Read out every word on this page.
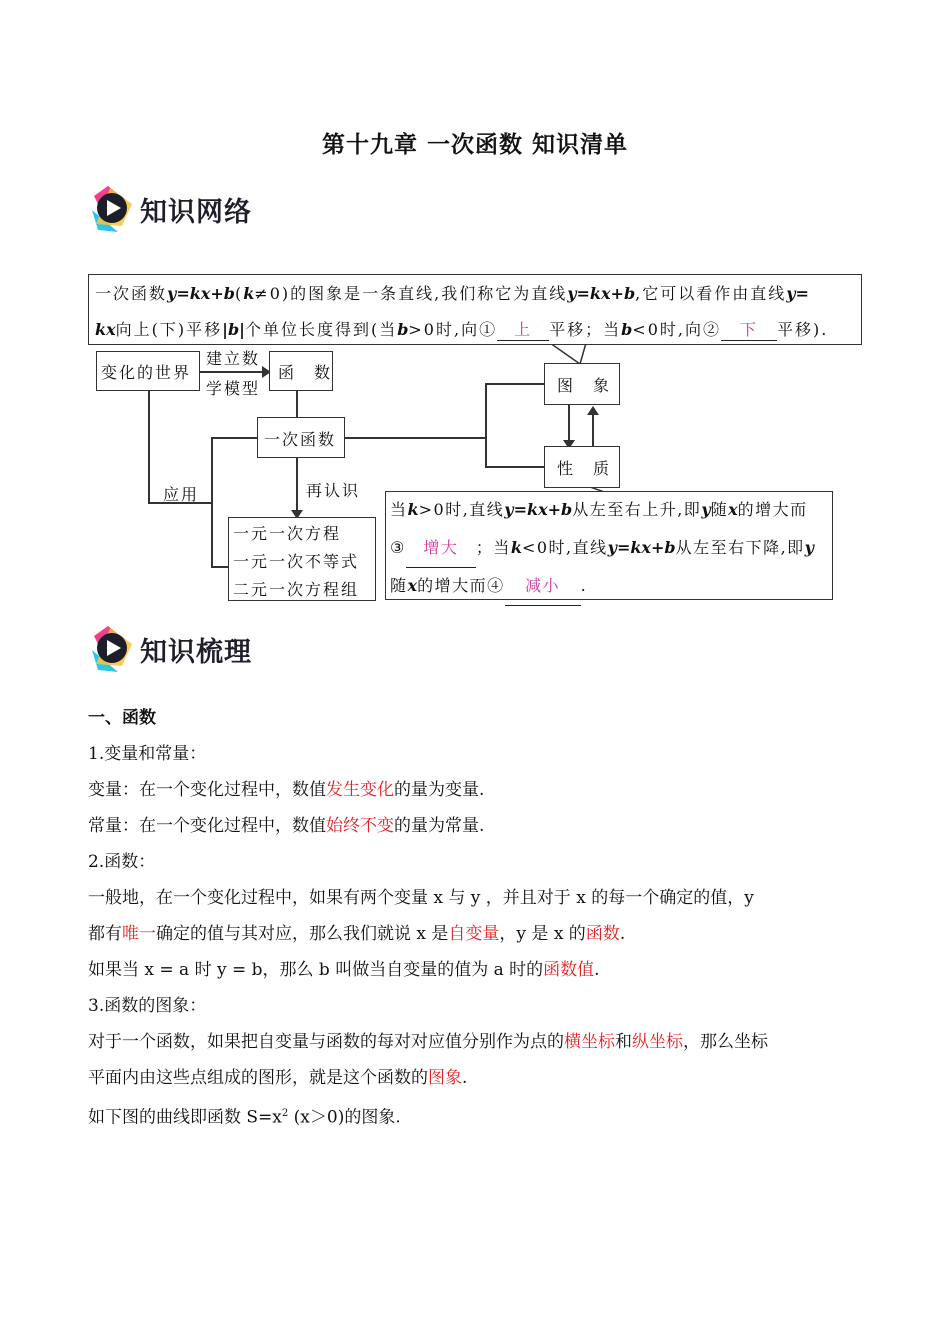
第十九章 一次函数 知识清单
知识网络
一次函数y=kx+b(k≠0)的图象是一条直线,我们称它为直线y=kx+b,它可以看作由直线y=
kx向上(下)平移|b|个单位长度得到(当b>0时,向① 上 平移；当b<0时,向② 下 平移).
变化的世界
建立数
学模型
函　数
一次函数
图　象
性　质
应用	再认识
一元一次方程
一元一次不等式
二元一次方程组
当k>0时,直线y=kx+b从左至右上升,即y随x的增大而
③ 增大 ；当k<0时,直线y=kx+b从左至右下降,即y
随x的增大而④ 减小 .
知识梳理

一、函数

1.变量和常量：

变量：在一个变化过程中，数值发生变化的量为变量.

常量：在一个变化过程中，数值始终不变的量为常量.

2.函数：

一般地，在一个变化过程中，如果有两个变量 x 与 y ，并且对于 x 的每一个确定的值，y

都有唯一确定的值与其对应，那么我们就说 x 是自变量，y 是 x 的函数.

如果当 x = a 时 y = b，那么 b 叫做当自变量的值为 a 时的函数值.

3.函数的图象：

对于一个函数，如果把自变量与函数的每对对应值分别作为点的横坐标和纵坐标，那么坐标

平面内由这些点组成的图形，就是这个函数的图象.

如下图的曲线即函数 $S=x^2$ (x＞0)的图象.
